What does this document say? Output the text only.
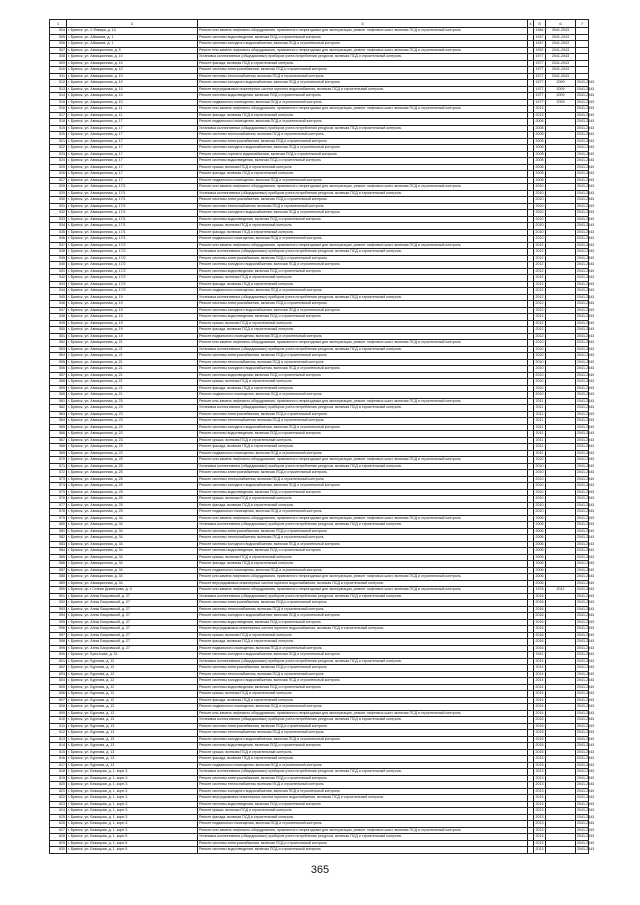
1	2	3	4	5	6	7
504	г. Брянск, ул. 2 Января, д. 10	Ремонт или замена лифтового оборудования, признанного непригодным для эксплуатации, ремонт лифтовых шахт, включая ПСД и строительный контроль		1984	2041-2043	
505	г. Брянск, ул. Абашева, д. 1	Ремонт системы водоотведения, включая ПСД и строительный контроль		1947	2041-2043	
506	г. Брянск, ул. Абашева, д. 1	Ремонт системы холодного водоснабжения, включая ПСД и строительный контроль		1947	2041-2043	
507	г. Брянск, ул. Авиационная, д. 5	Ремонт или замена лифтового оборудования, признанного непригодным для эксплуатации, ремонт лифтовых шахт, включая ПСД и строительный контроль		1992	2041-2043	
508	г. Брянск, ул. Авиационная, д. 10	Установка коллективных (общедомовых) приборов учета потребления ресурсов, включая ПСД и строительный контроль		1977	2041-2043	
509	г. Брянск, ул. Авиационная, д. 10	Ремонт фасада, включая ПСД и строительный контроль		1977	2041-2043	
510	г. Брянск, ул. Авиационная, д. 10	Ремонт системы электроснабжения, включая ПСД и строительный контроль		1977	2041-2043	
511	г. Брянск, ул. Авиационная, д. 10	Ремонт системы теплоснабжения, включая ПСД и строительный контроль		1977	2041-2043	
512	г. Брянск, ул. Авиационная, д. 10	Ремонт системы холодного водоснабжения, включая ПСД и строительный контроль		1977	2009	2041-2043
513	г. Брянск, ул. Авиационная, д. 10	Ремонт внутридомовых инженерных систем горячего водоснабжения, включая ПСД и строительный контроль		1977	2009	2041-2043
514	г. Брянск, ул. Авиационная, д. 10	Ремонт системы водоотведения, включая ПСД и строительный контроль		1977	2009	2041-2043
515	г. Брянск, ул. Авиационная, д. 10	Ремонт подвального помещения, включая ПСД и строительный контроль		1977	2009	2041-2043
516	г. Брянск, ул. Авиационная, д. 11	Ремонт или замена лифтового оборудования, признанного непригодным для эксплуатации, ремонт лифтовых шахт, включая ПСД и строительный контроль		2013		2041-2043
517	г. Брянск, ул. Авиационная, д. 11	Ремонт фасада, включая ПСД и строительный контроль		2013		2041-2043
518	г. Брянск, ул. Авиационная, д. 17	Ремонт подвального помещения, включая ПСД и строительный контроль		2008		2041-2043
519	г. Брянск, ул. Авиационная, д. 17	Установка коллективных (общедомовых) приборов учета потребления ресурсов, включая ПСД и строительный контроль		2008		2041-2043
520	г. Брянск, ул. Авиационная, д. 17	Ремонт системы теплоснабжения, включая ПСД и строительный контроль		2008		2041-2043
521	г. Брянск, ул. Авиационная, д. 17	Ремонт системы электроснабжения, включая ПСД и строительный контроль		2008		2041-2043
522	г. Брянск, ул. Авиационная, д. 17	Ремонт системы холодного водоснабжения, включая ПСД и строительный контроль		2008		2041-2043
523	г. Брянск, ул. Авиационная, д. 17	Ремонт системы горячего водоснабжения, включая ПСД и строительный контроль		2008		2041-2043
524	г. Брянск, ул. Авиационная, д. 17	Ремонт системы водоотведения, включая ПСД и строительный контроль		2008		2041-2043
525	г. Брянск, ул. Авиационная, д. 17	Ремонт крыши, включая ПСД и строительный контроль		2008		2041-2043
526	г. Брянск, ул. Авиационная, д. 17	Ремонт фасада, включая ПСД и строительный контроль		2008		2041-2043
527	г. Брянск, ул. Авиационная, д. 17	Ремонт подвального помещения, включая ПСД и строительный контроль		2008		2041-2043
528	г. Брянск, ул. Авиационная, д. 17/1	Ремонт или замена лифтового оборудования, признанного непригодным для эксплуатации, ремонт лифтовых шахт, включая ПСД и строительный контроль		2010		2041-2043
529	г. Брянск, ул. Авиационная, д. 17/1	Установка коллективных (общедомовых) приборов учета потребления ресурсов, включая ПСД и строительный контроль		2010		2041-2043
530	г. Брянск, ул. Авиационная, д. 17/1	Ремонт системы электроснабжения, включая ПСД и строительный контроль		2010		2041-2043
531	г. Брянск, ул. Авиационная, д. 17/1	Ремонт системы теплоснабжения, включая ПСД и строительный контроль		2010		2041-2043
532	г. Брянск, ул. Авиационная, д. 17/1	Ремонт системы холодного водоснабжения, включая ПСД и строительный контроль		2010		2041-2043
533	г. Брянск, ул. Авиационная, д. 17/1	Ремонт системы водоотведения, включая ПСД и строительный контроль		2010		2041-2043
534	г. Брянск, ул. Авиационная, д. 17/1	Ремонт крыши, включая ПСД и строительный контроль		2010		2041-2043
535	г. Брянск, ул. Авиационная, д. 17/1	Ремонт фасада, включая ПСД и строительный контроль		2010		2041-2043
536	г. Брянск, ул. Авиационная, д. 17/1	Ремонт подвального помещения, включая ПСД и строительный контроль		2010		2041-2043
537	г. Брянск, ул. Авиационная, д. 17/2	Ремонт или замена лифтового оборудования, признанного непригодным для эксплуатации, ремонт лифтовых шахт, включая ПСД и строительный контроль		2012		2041-2043
538	г. Брянск, ул. Авиационная, д. 17/2	Установка коллективных (общедомовых) приборов учета потребления ресурсов, включая ПСД и строительный контроль		2012		2041-2043
539	г. Брянск, ул. Авиационная, д. 17/2	Ремонт системы электроснабжения, включая ПСД и строительный контроль		2012		2041-2043
540	г. Брянск, ул. Авиационная, д. 17/2	Ремонт системы холодного водоснабжения, включая ПСД и строительный контроль		2012		2041-2043
541	г. Брянск, ул. Авиационная, д. 17/2	Ремонт системы водоотведения, включая ПСД и строительный контроль		2012		2041-2043
542	г. Брянск, ул. Авиационная, д. 17/2	Ремонт крыши, включая ПСД и строительный контроль		2012		2041-2043
543	г. Брянск, ул. Авиационная, д. 17/2	Ремонт фасада, включая ПСД и строительный контроль		2012		2041-2043
544	г. Брянск, ул. Авиационная, д. 17/2	Ремонт подвального помещения, включая ПСД и строительный контроль		2012		2041-2043
545	г. Брянск, ул. Авиационная, д. 19	Установка коллективных (общедомовых) приборов учета потребления ресурсов, включая ПСД и строительный контроль		2012		2041-2043
546	г. Брянск, ул. Авиационная, д. 19	Ремонт системы электроснабжения, включая ПСД и строительный контроль		2012		2041-2043
547	г. Брянск, ул. Авиационная, д. 19	Ремонт системы холодного водоснабжения, включая ПСД и строительный контроль		2012		2041-2043
548	г. Брянск, ул. Авиационная, д. 19	Ремонт системы водоотведения, включая ПСД и строительный контроль		2012		2041-2043
549	г. Брянск, ул. Авиационная, д. 19	Ремонт крыши, включая ПСД и строительный контроль		2012		2041-2043
550	г. Брянск, ул. Авиационная, д. 19	Ремонт фасада, включая ПСД и строительный контроль		2012		2041-2043
551	г. Брянск, ул. Авиационная, д. 19	Ремонт подвального помещения, включая ПСД и строительный контроль		2012		2041-2043
552	г. Брянск, ул. Авиационная, д. 21	Ремонт или замена лифтового оборудования, признанного непригодным для эксплуатации, ремонт лифтовых шахт, включая ПСД и строительный контроль		2010		2041-2043
553	г. Брянск, ул. Авиационная, д. 21	Установка коллективных (общедомовых) приборов учета потребления ресурсов, включая ПСД и строительный контроль		2010		2041-2043
554	г. Брянск, ул. Авиационная, д. 21	Ремонт системы электроснабжения, включая ПСД и строительный контроль		2010		2041-2043
555	г. Брянск, ул. Авиационная, д. 21	Ремонт системы теплоснабжения, включая ПСД и строительный контроль		2010		2041-2043
556	г. Брянск, ул. Авиационная, д. 21	Ремонт системы холодного водоснабжения, включая ПСД и строительный контроль		2010		2041-2043
557	г. Брянск, ул. Авиационная, д. 21	Ремонт системы водоотведения, включая ПСД и строительный контроль		2010		2041-2043
558	г. Брянск, ул. Авиационная, д. 21	Ремонт крыши, включая ПСД и строительный контроль		2010		2041-2043
559	г. Брянск, ул. Авиационная, д. 21	Ремонт фасада, включая ПСД и строительный контроль		2010		2041-2043
560	г. Брянск, ул. Авиационная, д. 21	Ремонт подвального помещения, включая ПСД и строительный контроль		2010		2041-2043
561	г. Брянск, ул. Авиационная, д. 23	Ремонт или замена лифтового оборудования, признанного непригодным для эксплуатации, ремонт лифтовых шахт, включая ПСД и строительный контроль		2011		2041-2043
562	г. Брянск, ул. Авиационная, д. 23	Установка коллективных (общедомовых) приборов учета потребления ресурсов, включая ПСД и строительный контроль		2011		2041-2043
563	г. Брянск, ул. Авиационная, д. 23	Ремонт системы электроснабжения, включая ПСД и строительный контроль		2011		2041-2043
564	г. Брянск, ул. Авиационная, д. 23	Ремонт системы теплоснабжения, включая ПСД и строительный контроль		2011		2041-2043
565	г. Брянск, ул. Авиационная, д. 23	Ремонт системы холодного водоснабжения, включая ПСД и строительный контроль		2011		2041-2043
566	г. Брянск, ул. Авиационная, д. 23	Ремонт системы водоотведения, включая ПСД и строительный контроль		2011		2041-2043
567	г. Брянск, ул. Авиационная, д. 23	Ремонт крыши, включая ПСД и строительный контроль		2011		2041-2043
568	г. Брянск, ул. Авиационная, д. 23	Ремонт фасада, включая ПСД и строительный контроль		2011		2041-2043
569	г. Брянск, ул. Авиационная, д. 23	Ремонт подвального помещения, включая ПСД и строительный контроль		2011		2041-2043
570	г. Брянск, ул. Авиационная, д. 25	Ремонт или замена лифтового оборудования, признанного непригодным для эксплуатации, ремонт лифтовых шахт, включая ПСД и строительный контроль		2010		2041-2043
571	г. Брянск, ул. Авиационная, д. 25	Установка коллективных (общедомовых) приборов учета потребления ресурсов, включая ПСД и строительный контроль		2010		2041-2043
572	г. Брянск, ул. Авиационная, д. 25	Ремонт системы электроснабжения, включая ПСД и строительный контроль		2010		2041-2043
573	г. Брянск, ул. Авиационная, д. 25	Ремонт системы теплоснабжения, включая ПСД и строительный контроль		2010		2041-2043
574	г. Брянск, ул. Авиационная, д. 25	Ремонт системы холодного водоснабжения, включая ПСД и строительный контроль		2010		2041-2043
575	г. Брянск, ул. Авиационная, д. 25	Ремонт системы водоотведения, включая ПСД и строительный контроль		2010		2041-2043
576	г. Брянск, ул. Авиационная, д. 25	Ремонт крыши, включая ПСД и строительный контроль		2010		2041-2043
577	г. Брянск, ул. Авиационная, д. 25	Ремонт фасада, включая ПСД и строительный контроль		2010		2041-2043
578	г. Брянск, ул. Авиационная, д. 25	Ремонт подвального помещения, включая ПСД и строительный контроль		2010		2041-2043
579	г. Брянск, ул. Авиационная, д. 34	Ремонт или замена лифтового оборудования, признанного непригодным для эксплуатации, ремонт лифтовых шахт, включая ПСД и строительный контроль		2006		2041-2043
580	г. Брянск, ул. Авиационная, д. 34	Установка коллективных (общедомовых) приборов учета потребления ресурсов, включая ПСД и строительный контроль		2006		2041-2043
581	г. Брянск, ул. Авиационная, д. 34	Ремонт системы электроснабжения, включая ПСД и строительный контроль		2006		2041-2043
582	г. Брянск, ул. Авиационная, д. 34	Ремонт системы теплоснабжения, включая ПСД и строительный контроль		2006		2041-2043
583	г. Брянск, ул. Авиационная, д. 34	Ремонт системы холодного водоснабжения, включая ПСД и строительный контроль		2006		2041-2043
584	г. Брянск, ул. Авиационная, д. 34	Ремонт системы водоотведения, включая ПСД и строительный контроль		2006		2041-2043
585	г. Брянск, ул. Авиационная, д. 34	Ремонт крыши, включая ПСД и строительный контроль		2006		2041-2043
586	г. Брянск, ул. Авиационная, д. 34	Ремонт фасада, включая ПСД и строительный контроль		2006		2041-2043
587	г. Брянск, ул. Авиационная, д. 34	Ремонт подвального помещения, включая ПСД и строительный контроль		2006		2041-2043
588	г. Брянск, ул. Авиационная, д. 34	Ремонт или замена лифтового оборудования, признанного непригодным для эксплуатации, ремонт лифтовых шахт, включая ПСД и строительный контроль		2006		2041-2043
589	г. Брянск, ул. Авиационная, д. 34	Ремонт внутридомовых инженерных систем горячего водоснабжения, включая ПСД и строительный контроль		2006		2041-2043
590	г. Брянск, пр-т Станке Димитрова, д. 9	Ремонт или замена лифтового оборудования, признанного непригодным для эксплуатации, ремонт лифтовых шахт, включая ПСД и строительный контроль		1976	2012	2041-2043
591	г. Брянск, ул. Анны Баоровской, д. 27	Установка коллективных (общедомовых) приборов учета потребления ресурсов, включая ПСД и строительный контроль		2016		2041-2043
592	г. Брянск, ул. Анны Баоровской, д. 27	Ремонт системы электроснабжения, включая ПСД и строительный контроль		2016		2041-2043
593	г. Брянск, ул. Анны Баоровской, д. 27	Ремонт системы теплоснабжения, включая ПСД и строительный контроль		2016		2041-2043
594	г. Брянск, ул. Анны Баоровской, д. 27	Ремонт системы холодного водоснабжения, включая ПСД и строительный контроль		2016		2041-2043
595	г. Брянск, ул. Анны Баоровской, д. 27	Ремонт системы водоотведения, включая ПСД и строительный контроль		2016		2041-2043
596	г. Брянск, ул. Анны Баоровской, д. 27	Ремонт внутридомовых инженерных систем горячего водоснабжения, включая ПСД и строительный контроль		2016		2041-2043
597	г. Брянск, ул. Анны Баоровской, д. 27	Ремонт крыши, включая ПСД и строительный контроль		2016		2041-2043
598	г. Брянск, ул. Анны Баоровской, д. 27	Ремонт фасада, включая ПСД и строительный контроль		2016		2041-2043
599	г. Брянск, ул. Анны Баоровской, д. 27	Ремонт подвального помещения, включая ПСД и строительный контроль		2016		2041-2043
600	г. Брянск, ул. Брестская, д. 31	Ремонт системы холодного водоснабжения, включая ПСД и строительный контроль		1941		2041-2043
601	г. Брянск, ул. Бурлова, д. 12	Установка коллективных (общедомовых) приборов учета потребления ресурсов, включая ПСД и строительный контроль		2014		2041-2043
602	г. Брянск, ул. Бурлова, д. 12	Ремонт системы электроснабжения, включая ПСД и строительный контроль		2014		2041-2043
603	г. Брянск, ул. Бурлова, д. 12	Ремонт системы теплоснабжения, включая ПСД и строительный контроль		2014		2041-2043
604	г. Брянск, ул. Бурлова, д. 12	Ремонт системы холодного водоснабжения, включая ПСД и строительный контроль		2014		2041-2043
605	г. Брянск, ул. Бурлова, д. 12	Ремонт системы водоотведения, включая ПСД и строительный контроль		2014		2041-2043
606	г. Брянск, ул. Бурлова, д. 12	Ремонт крыши, включая ПСД и строительный контроль		2014		2041-2043
607	г. Брянск, ул. Бурлова, д. 12	Ремонт фасада, включая ПСД и строительный контроль		2014		2041-2043
608	г. Брянск, ул. Бурлова, д. 12	Ремонт подвального помещения, включая ПСД и строительный контроль		2014		2041-2043
609	г. Брянск, ул. Бурлова, д. 12	Ремонт или замена лифтового оборудования, признанного непригодным для эксплуатации, ремонт лифтовых шахт, включая ПСД и строительный контроль		2014		2041-2043
610	г. Брянск, ул. Бурлова, д. 13	Установка коллективных (общедомовых) приборов учета потребления ресурсов, включая ПСД и строительный контроль		2015		2041-2043
611	г. Брянск, ул. Бурлова, д. 13	Ремонт системы электроснабжения, включая ПСД и строительный контроль		2015		2041-2043
612	г. Брянск, ул. Бурлова, д. 13	Ремонт системы теплоснабжения, включая ПСД и строительный контроль		2015		2041-2043
613	г. Брянск, ул. Бурлова, д. 13	Ремонт системы холодного водоснабжения, включая ПСД и строительный контроль		2015		2041-2043
614	г. Брянск, ул. Бурлова, д. 13	Ремонт системы водоотведения, включая ПСД и строительный контроль		2015		2041-2043
615	г. Брянск, ул. Бурлова, д. 13	Ремонт крыши, включая ПСД и строительный контроль		2015		2041-2043
616	г. Брянск, ул. Бурлова, д. 13	Ремонт фасада, включая ПСД и строительный контроль		2015		2041-2043
617	г. Брянск, ул. Бурлова, д. 13	Ремонт подвального помещения, включая ПСД и строительный контроль		2015		2041-2043
618	г. Брянск, ул. Бежицкая, д. 1, корп.3	Установка коллективных (общедомовых) приборов учета потребления ресурсов, включая ПСД и строительный контроль		2013		2041-2043
619	г. Брянск, ул. Бежицкая, д. 1, корп.3	Ремонт системы электроснабжения, включая ПСД и строительный контроль		2013		2041-2043
620	г. Брянск, ул. Бежицкая, д. 1, корп.3	Ремонт системы теплоснабжения, включая ПСД и строительный контроль		2013		2041-2043
621	г. Брянск, ул. Бежицкая, д. 1, корп.3	Ремонт системы холодного водоснабжения, включая ПСД и строительный контроль		2013		2041-2043
622	г. Брянск, ул. Бежицкая, д. 1, корп.3	Ремонт внутридомовых инженерных систем горячего водоснабжения, включая ПСД и строительный контроль		2013		2041-2043
623	г. Брянск, ул. Бежицкая, д. 1, корп.3	Ремонт системы водоотведения, включая ПСД и строительный контроль		2013		2041-2043
624	г. Брянск, ул. Бежицкая, д. 1, корп.3	Ремонт крыши, включая ПСД и строительный контроль		2013		2041-2043
625	г. Брянск, ул. Бежицкая, д. 1, корп.3	Ремонт фасада, включая ПСД и строительный контроль		2013		2041-2043
626	г. Брянск, ул. Бежицкая, д. 1, корп.3	Ремонт подвального помещения, включая ПСД и строительный контроль		2013		2041-2043
627	г. Брянск, ул. Бежицкая, д. 1, корп.3	Ремонт или замена лифтового оборудования, признанного непригодным для эксплуатации, ремонт лифтовых шахт, включая ПСД и строительный контроль		2013		2041-2043
628	г. Брянск, ул. Бежицкая, д. 1, корп.5	Установка коллективных (общедомовых) приборов учета потребления ресурсов, включая ПСД и строительный контроль		2013		2041-2043
629	г. Брянск, ул. Бежицкая, д. 1, корп.5	Ремонт системы электроснабжения, включая ПСД и строительный контроль		2013		2041-2043
630	г. Брянск, ул. Бежицкая, д. 1, корп.5	Ремонт системы водоотведения, включая ПСД и строительный контроль		2013		2041-2043
365
